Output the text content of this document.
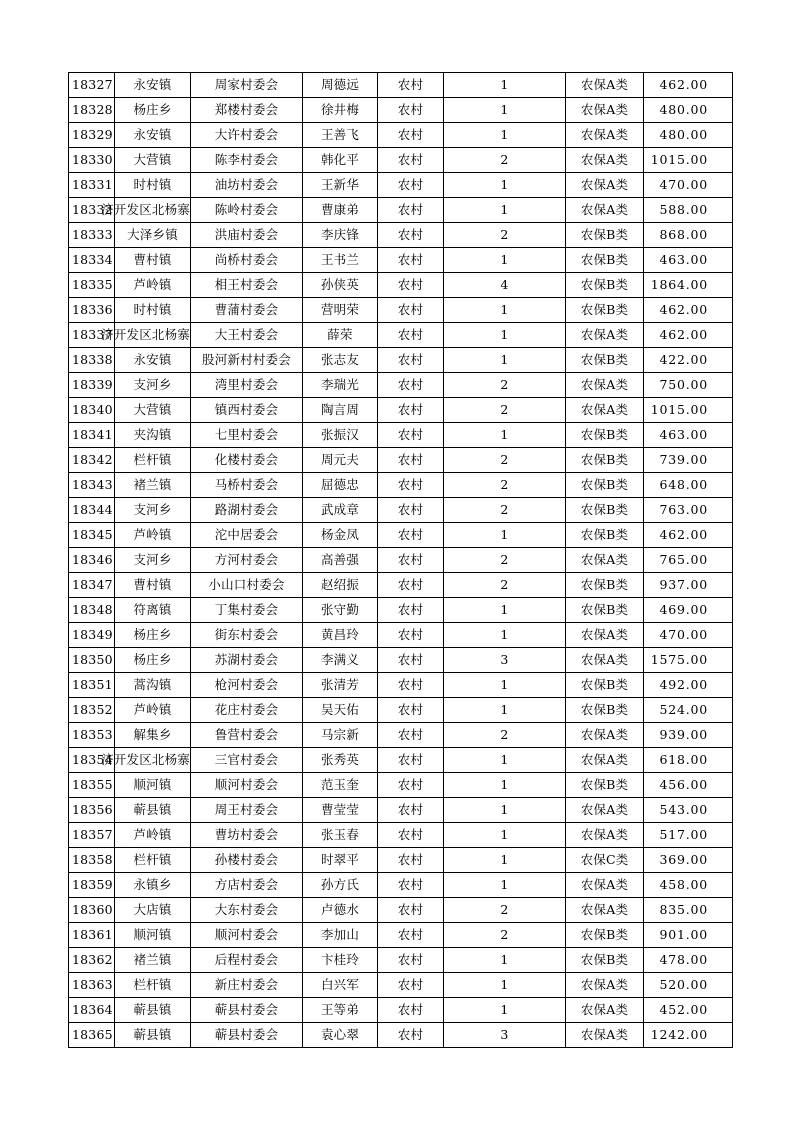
18327	永安镇	周家村委会	周德远	农村	1	农保A类	462.00
18328	杨庄乡	郑楼村委会	徐井梅	农村	1	农保A类	480.00
18329	永安镇	大许村委会	王善飞	农村	1	农保A类	480.00
18330	大营镇	陈李村委会	韩化平	农村	2	农保A类	1015.00
18331	时村镇	油坊村委会	王新华	农村	1	农保A类	470.00
18332	济开发区北杨寨	陈岭村委会	曹康弟	农村	1	农保A类	588.00
18333	大泽乡镇	洪庙村委会	李庆锋	农村	2	农保B类	868.00
18334	曹村镇	尚桥村委会	王书兰	农村	1	农保B类	463.00
18335	芦岭镇	相王村委会	孙侠英	农村	4	农保B类	1864.00
18336	时村镇	曹蒲村委会	营明荣	农村	1	农保B类	462.00
18337	济开发区北杨寨	大王村委会	薛荣	农村	1	农保A类	462.00
18338	永安镇	股河新村村委会	张志友	农村	1	农保B类	422.00
18339	支河乡	湾里村委会	李瑞光	农村	2	农保A类	750.00
18340	大营镇	镇西村委会	陶言周	农村	2	农保A类	1015.00
18341	夹沟镇	七里村委会	张振汉	农村	1	农保B类	463.00
18342	栏杆镇	化楼村委会	周元夫	农村	2	农保B类	739.00
18343	褚兰镇	马桥村委会	屈德忠	农村	2	农保B类	648.00
18344	支河乡	路湖村委会	武成章	农村	2	农保B类	763.00
18345	芦岭镇	沱中居委会	杨金凤	农村	1	农保B类	462.00
18346	支河乡	方河村委会	高善强	农村	2	农保A类	765.00
18347	曹村镇	小山口村委会	赵绍振	农村	2	农保B类	937.00
18348	符离镇	丁集村委会	张守勤	农村	1	农保B类	469.00
18349	杨庄乡	街东村委会	黄昌玲	农村	1	农保A类	470.00
18350	杨庄乡	苏湖村委会	李满义	农村	3	农保A类	1575.00
18351	蒿沟镇	枪河村委会	张清芳	农村	1	农保B类	492.00
18352	芦岭镇	花庄村委会	吴天佑	农村	1	农保B类	524.00
18353	解集乡	鲁营村委会	马宗新	农村	2	农保A类	939.00
18354	济开发区北杨寨	三官村委会	张秀英	农村	1	农保A类	618.00
18355	顺河镇	顺河村委会	范玉奎	农村	1	农保B类	456.00
18356	蕲县镇	周王村委会	曹莹莹	农村	1	农保A类	543.00
18357	芦岭镇	曹坊村委会	张玉春	农村	1	农保A类	517.00
18358	栏杆镇	孙楼村委会	时翠平	农村	1	农保C类	369.00
18359	永镇乡	方店村委会	孙方氏	农村	1	农保A类	458.00
18360	大店镇	大东村委会	卢德水	农村	2	农保A类	835.00
18361	顺河镇	顺河村委会	李加山	农村	2	农保B类	901.00
18362	褚兰镇	后程村委会	卞桂玲	农村	1	农保B类	478.00
18363	栏杆镇	新庄村委会	白兴军	农村	1	农保A类	520.00
18364	蕲县镇	蕲县村委会	王等弟	农村	1	农保A类	452.00
18365	蕲县镇	蕲县村委会	袁心翠	农村	3	农保A类	1242.00
